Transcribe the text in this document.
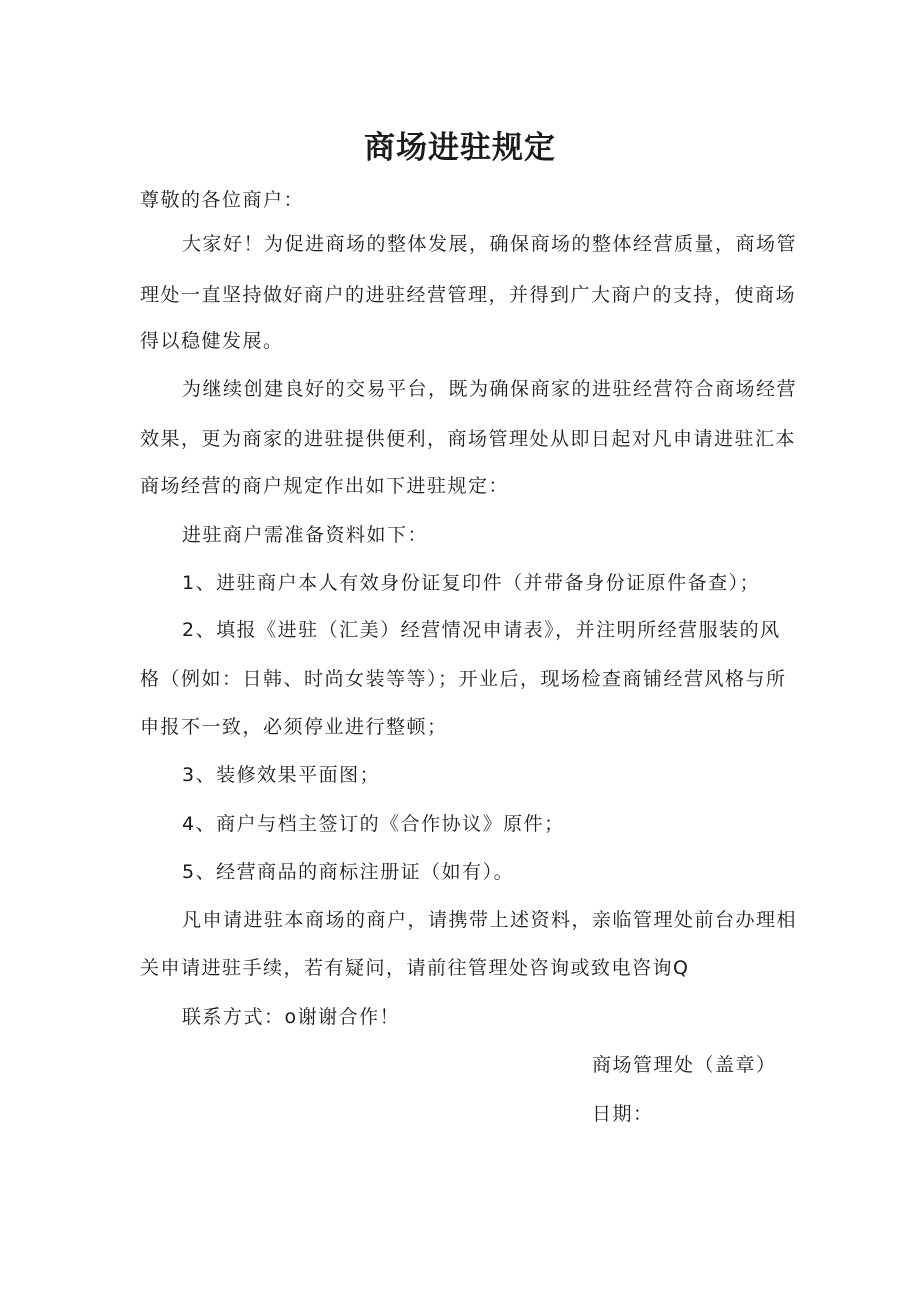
商场进驻规定
尊敬的各位商户：
大家好！为促进商场的整体发展，确保商场的整体经营质量，商场管
理处一直坚持做好商户的进驻经营管理，并得到广大商户的支持，使商场
得以稳健发展。
为继续创建良好的交易平台，既为确保商家的进驻经营符合商场经营
效果，更为商家的进驻提供便利，商场管理处从即日起对凡申请进驻汇本
商场经营的商户规定作出如下进驻规定：
进驻商户需准备资料如下：
1、进驻商户本人有效身份证复印件（并带备身份证原件备查）；
2、填报《进驻（汇美）经营情况申请表》，并注明所经营服装的风
格（例如：日韩、时尚女装等等）；开业后，现场检查商铺经营风格与所
申报不一致，必须停业进行整顿；
3、装修效果平面图；
4、商户与档主签订的《合作协议》原件；
5、经营商品的商标注册证（如有）。
凡申请进驻本商场的商户，请携带上述资料，亲临管理处前台办理相
关申请进驻手续，若有疑问，请前往管理处咨询或致电咨询Q
联系方式：o谢谢合作！
商场管理处（盖章）
日期：
